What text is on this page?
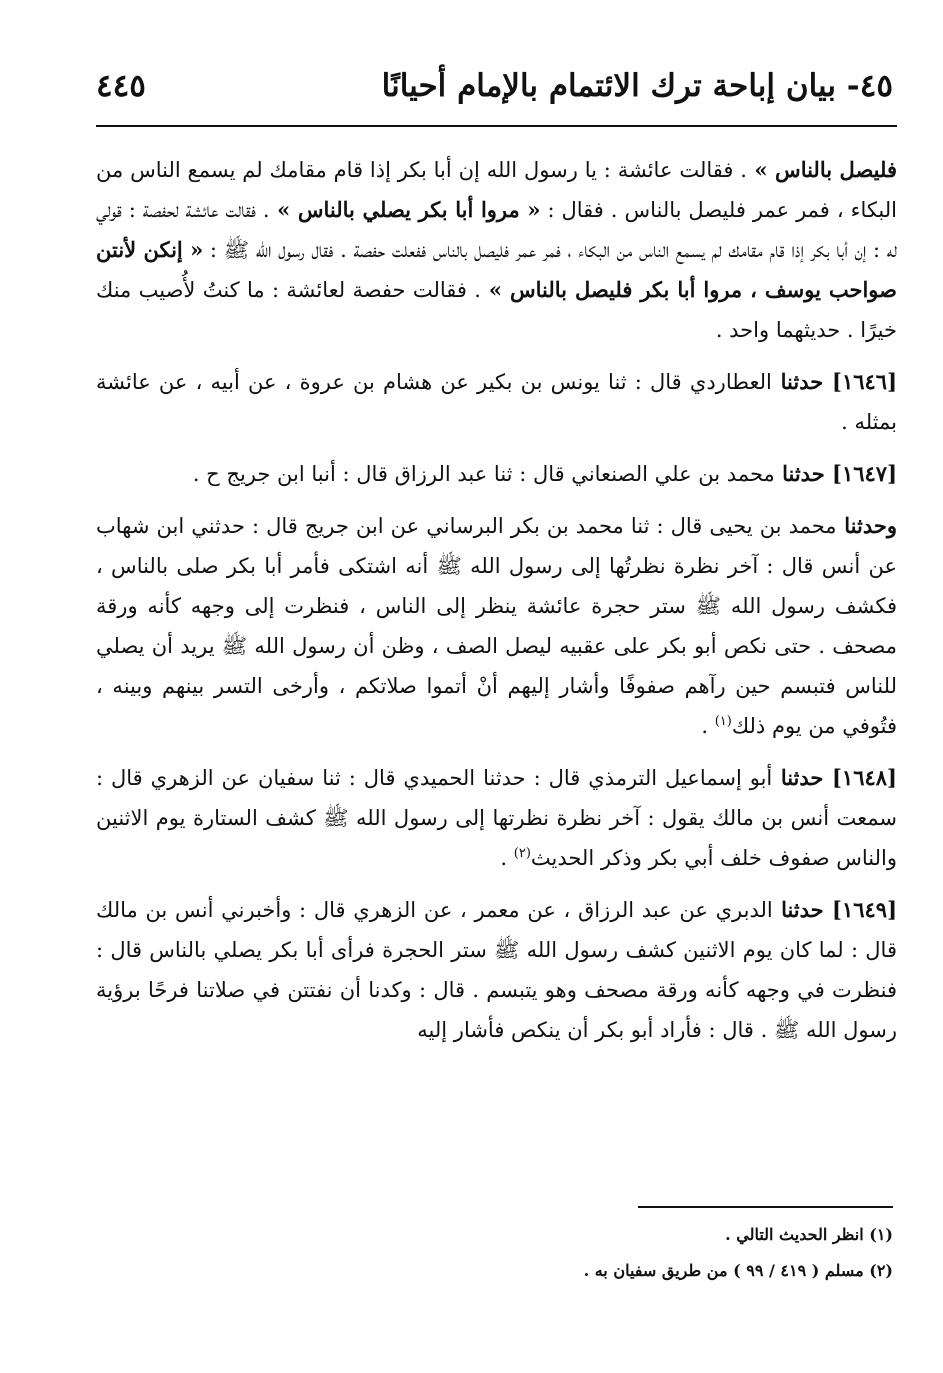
٤٥- بيان إباحة ترك الائتمام بالإمام أحيانًا
٤٤٥

فليصل بالناس » . فقالت عائشة : يا رسول الله إن أبا بكر إذا قام مقامك لم يسمع الناس من البكاء ، فمر عمر فليصل بالناس . فقال : « مروا أبا بكر يصلي بالناس » . فقالت عائشة لحفصة : قولي له : إن أبا بكر إذا قام مقامك لم يسمع الناس من البكاء ، فمر عمر فليصل بالناس ففعلت حفصة . فقال رسول الله ﷺ : « إنكن لأنتن صواحب يوسف ، مروا أبا بكر فليصل بالناس » . فقالت حفصة لعائشة : ما كنتُ لأُصيب منك خيرًا . حديثهما واحد .

[١٦٤٦] حدثنا العطاردي قال : ثنا يونس بن بكير عن هشام بن عروة ، عن أبيه ، عن عائشة بمثله .

[١٦٤٧] حدثنا محمد بن علي الصنعاني قال : ثنا عبد الرزاق قال : أنبا ابن جريج ح .

وحدثنا محمد بن يحيى قال : ثنا محمد بن بكر البرساني عن ابن جريج قال : حدثني ابن شهاب عن أنس قال : آخر نظرة نظرتُها إلى رسول الله ﷺ أنه اشتكى فأمر أبا بكر صلى بالناس ، فكشف رسول الله ﷺ ستر حجرة عائشة ينظر إلى الناس ، فنظرت إلى وجهه كأنه ورقة مصحف . حتى نكص أبو بكر على عقبيه ليصل الصف ، وظن أن رسول الله ﷺ يريد أن يصلي للناس فتبسم حين رآهم صفوفًا وأشار إليهم أنْ أتموا صلاتكم ، وأرخى التسر بينهم وبينه ، فتُوفي من يوم ذلك$^{(١)}$ .

[١٦٤٨] حدثنا أبو إسماعيل الترمذي قال : حدثنا الحميدي قال : ثنا سفيان عن الزهري قال : سمعت أنس بن مالك يقول : آخر نظرة نظرتها إلى رسول الله ﷺ كشف الستارة يوم الاثنين والناس صفوف خلف أبي بكر وذكر الحديث$^{(٢)}$ .

[١٦٤٩] حدثنا الدبري عن عبد الرزاق ، عن معمر ، عن الزهري قال : وأخبرني أنس بن مالك قال : لما كان يوم الاثنين كشف رسول الله ﷺ ستر الحجرة فرأى أبا بكر يصلي بالناس قال : فنظرت في وجهه كأنه ورقة مصحف وهو يتبسم . قال : وكدنا أن نفتتن في صلاتنا فرحًا برؤية رسول الله ﷺ . قال : فأراد أبو بكر أن ينكص فأشار إليه

(١) انظر الحديث التالي .

(٢) مسلم ( ٤١٩ / ٩٩ ) من طريق سفيان به .
